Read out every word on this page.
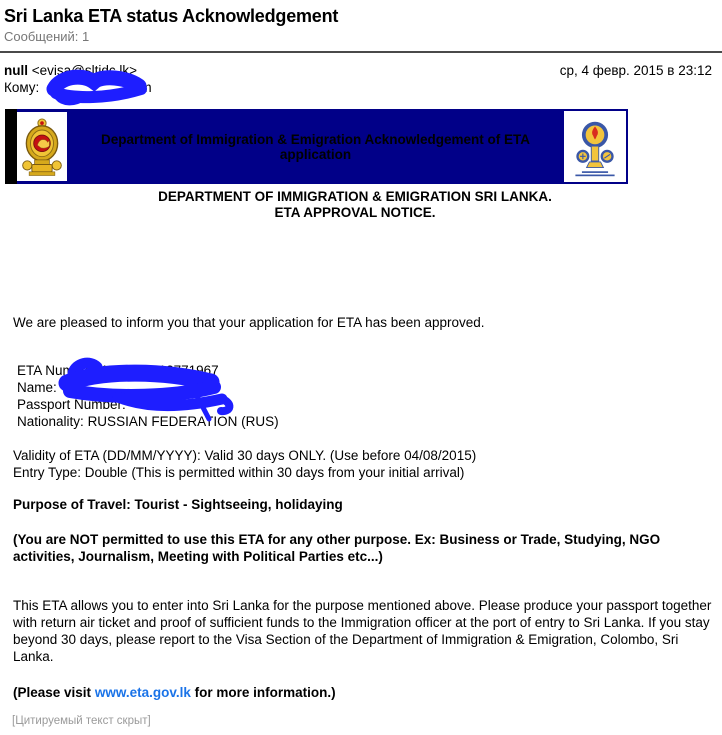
Sri Lanka ETA status Acknowledgement
Сообщений: 1
null <evisa@sltidc.lk>	ср, 4 февр. 2015 в 23:12
Кому:	m
Department of Immigration & Emigration Acknowledgement of ETA application
DEPARTMENT OF IMMIGRATION & EMIGRATION SRI LANKA.
ETA APPROVAL NOTICE.

We are pleased to inform you that your application for ETA has been approved.

ETA Number: 150205VI12771967
Name:
Passport Number:
Nationality: RUSSIAN FEDERATION (RUS)
Validity of ETA (DD/MM/YYYY): Valid 30 days ONLY. (Use before 04/08/2015)
Entry Type: Double (This is permitted within 30 days from your initial arrival)

Purpose of Travel: Tourist - Sightseeing, holidaying

(You are NOT permitted to use this ETA for any other purpose. Ex: Business or Trade, Studying, NGO activities, Journalism, Meeting with Political Parties etc...)

This ETA allows you to enter into Sri Lanka for the purpose mentioned above. Please produce your passport together with return air ticket and proof of sufficient funds to the Immigration officer at the port of entry to Sri Lanka. If you stay beyond 30 days, please report to the Visa Section of the Department of Immigration & Emigration, Colombo, Sri Lanka.

(Please visit www.eta.gov.lk for more information.)

[Цитируемый текст скрыт]
